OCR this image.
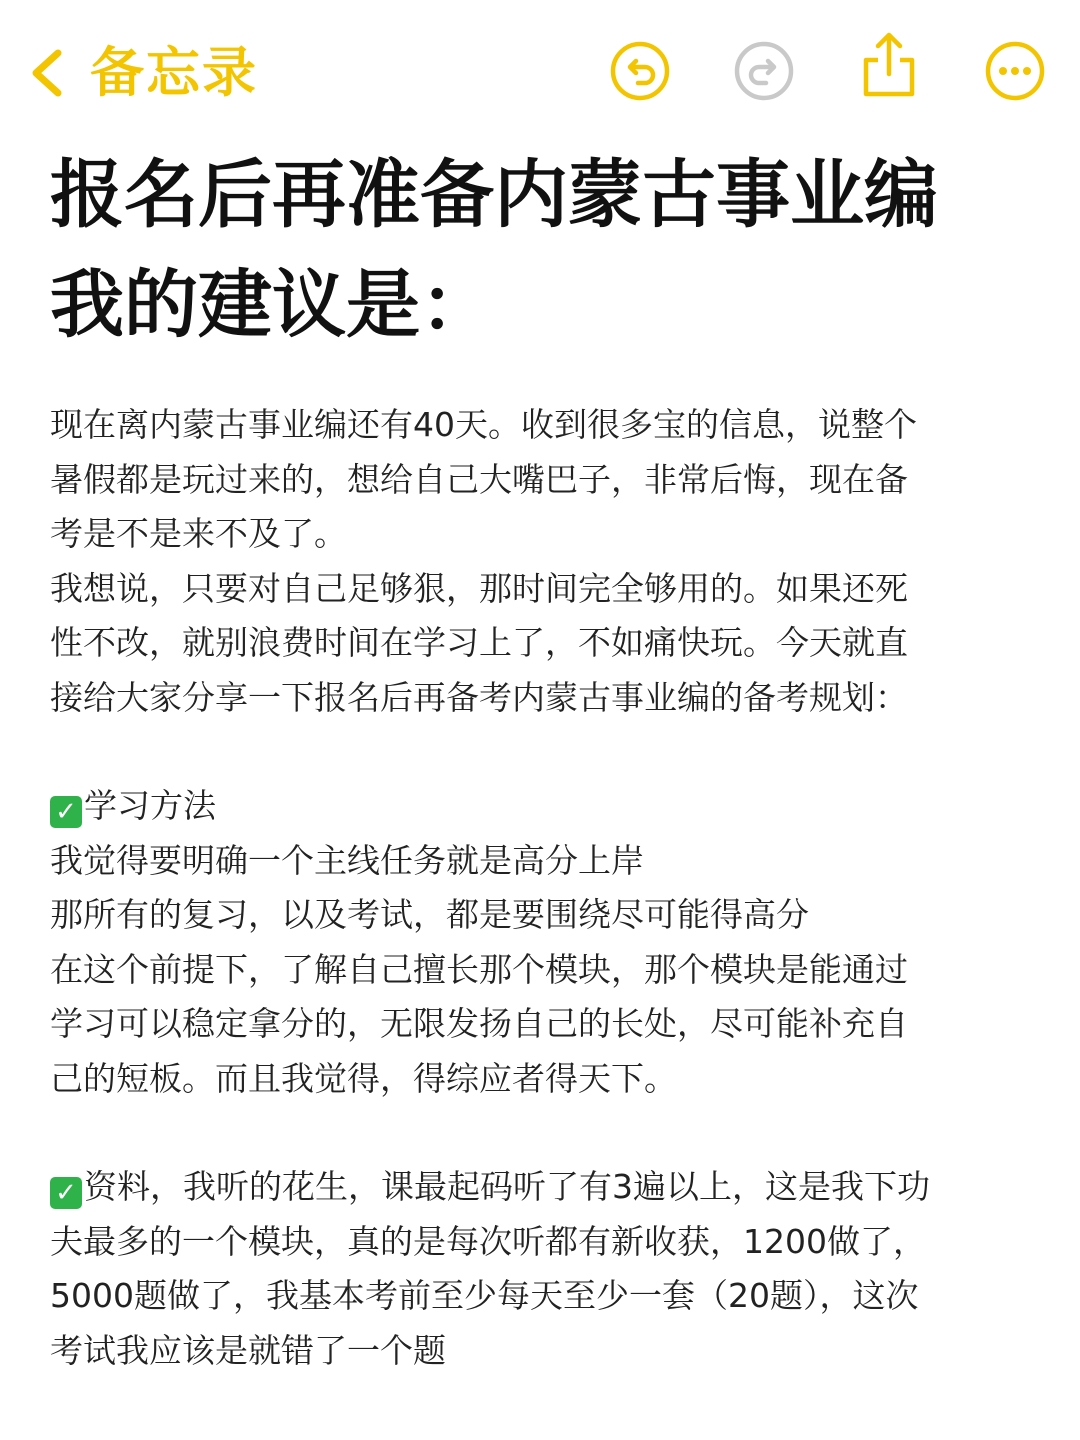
备忘录
报名后再准备内蒙古事业编
我的建议是：

现在离内蒙古事业编还有40天。收到很多宝的信息，说整个

暑假都是玩过来的，想给自己大嘴巴子，非常后悔，现在备

考是不是来不及了。

我想说，只要对自己足够狠，那时间完全够用的。如果还死

性不改，就别浪费时间在学习上了，不如痛快玩。今天就直

接给大家分享一下报名后再备考内蒙古事业编的备考规划：

✓ 学习方法

我觉得要明确一个主线任务就是高分上岸

那所有的复习，以及考试，都是要围绕尽可能得高分

在这个前提下，了解自己擅长那个模块，那个模块是能通过

学习可以稳定拿分的，无限发扬自己的长处，尽可能补充自

己的短板。而且我觉得，得综应者得天下。

✓ 资料，我听的花生，课最起码听了有3遍以上，这是我下功

夫最多的一个模块，真的是每次听都有新收获，1200做了，

5000题做了，我基本考前至少每天至少一套（20题），这次

考试我应该是就错了一个题
